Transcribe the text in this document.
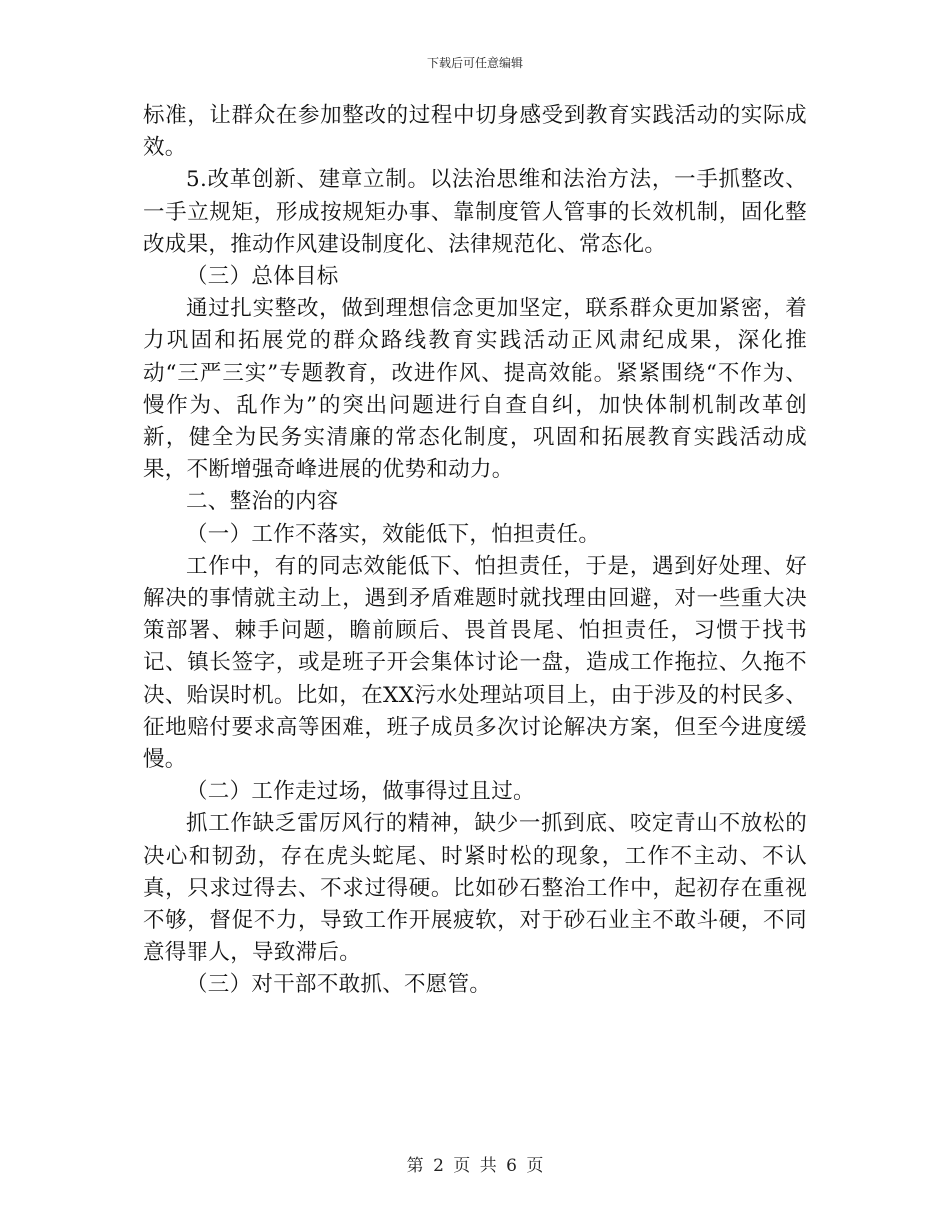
下载后可任意编辑

标准，让群众在参加整改的过程中切身感受到教育实践活动的实际成效。

5.改革创新、建章立制。以法治思维和法治方法，一手抓整改、一手立规矩，形成按规矩办事、靠制度管人管事的长效机制，固化整改成果，推动作风建设制度化、法律规范化、常态化。

（三）总体目标

通过扎实整改，做到理想信念更加坚定，联系群众更加紧密，着力巩固和拓展党的群众路线教育实践活动正风肃纪成果，深化推动“三严三实”专题教育，改进作风、提高效能。紧紧围绕“不作为、慢作为、乱作为”的突出问题进行自查自纠，加快体制机制改革创新，健全为民务实清廉的常态化制度，巩固和拓展教育实践活动成果，不断增强奇峰进展的优势和动力。

二、整治的内容

（一）工作不落实，效能低下，怕担责任。

工作中，有的同志效能低下、怕担责任，于是，遇到好处理、好解决的事情就主动上，遇到矛盾难题时就找理由回避，对一些重大决策部署、棘手问题，瞻前顾后、畏首畏尾、怕担责任，习惯于找书记、镇长签字，或是班子开会集体讨论一盘，造成工作拖拉、久拖不决、贻误时机。比如，在XX污水处理站项目上，由于涉及的村民多、征地赔付要求高等困难，班子成员多次讨论解决方案，但至今进度缓慢。

（二）工作走过场，做事得过且过。

抓工作缺乏雷厉风行的精神，缺少一抓到底、咬定青山不放松的决心和韧劲，存在虎头蛇尾、时紧时松的现象，工作不主动、不认真，只求过得去、不求过得硬。比如砂石整治工作中，起初存在重视不够，督促不力，导致工作开展疲软，对于砂石业主不敢斗硬，不同意得罪人，导致滞后。

（三）对干部不敢抓、不愿管。

第 2 页 共 6 页
